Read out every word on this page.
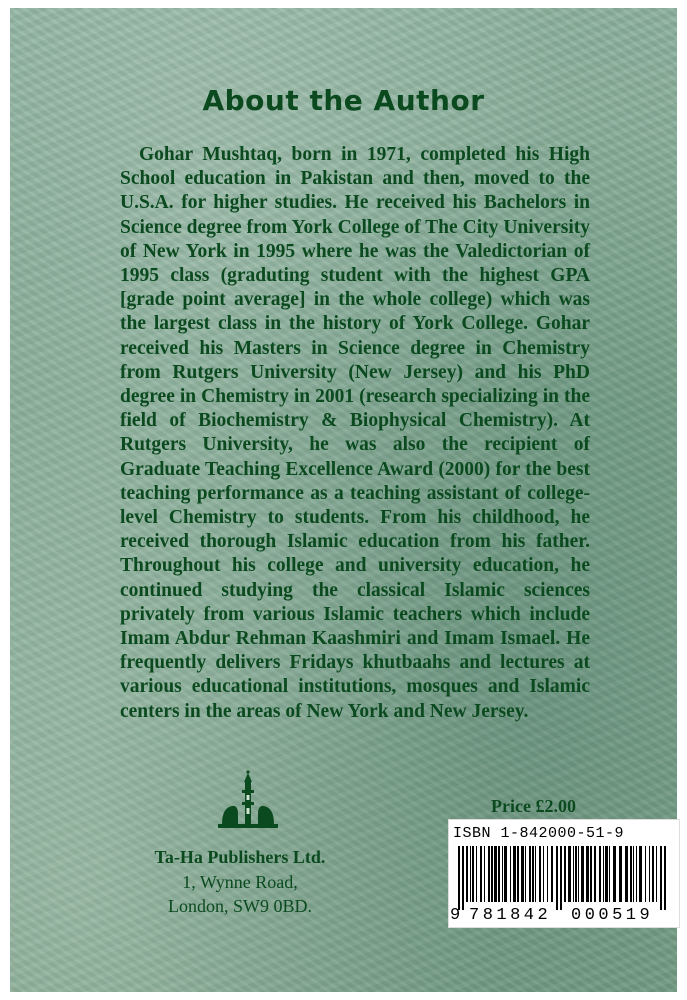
About the Author

Gohar Mushtaq, born in 1971, completed his High School education in Pakistan and then, moved to the U.S.A. for higher studies. He received his Bachelors in Science degree from York College of The City University of New York in 1995 where he was the Valedictorian of 1995 class (graduting student with the highest GPA [grade point average] in the whole college) which was the largest class in the history of York College. Gohar received his Masters in Science degree in Chemistry from Rutgers University (New Jersey) and his PhD degree in Chemistry in 2001 (research specializing in the field of Biochemistry & Biophysical Chemistry). At Rutgers University, he was also the recipient of Graduate Teaching Excellence Award (2000) for the best teaching performance as a teaching assistant of college-level Chemistry to students. From his childhood, he received thorough Islamic education from his father. Throughout his college and university education, he continued studying the classical Islamic sciences privately from various Islamic teachers which include Imam Abdur Rehman Kaashmiri and Imam Ismael. He frequently delivers Fridays khutbaahs and lectures at various educational institutions, mosques and Islamic centers in the areas of New York and New Jersey.

Price £2.00
Ta-Ha Publishers Ltd.
1, Wynne Road,
London, SW9 0BD.
ISBN 1-842000-51-9
9 781842 000519
